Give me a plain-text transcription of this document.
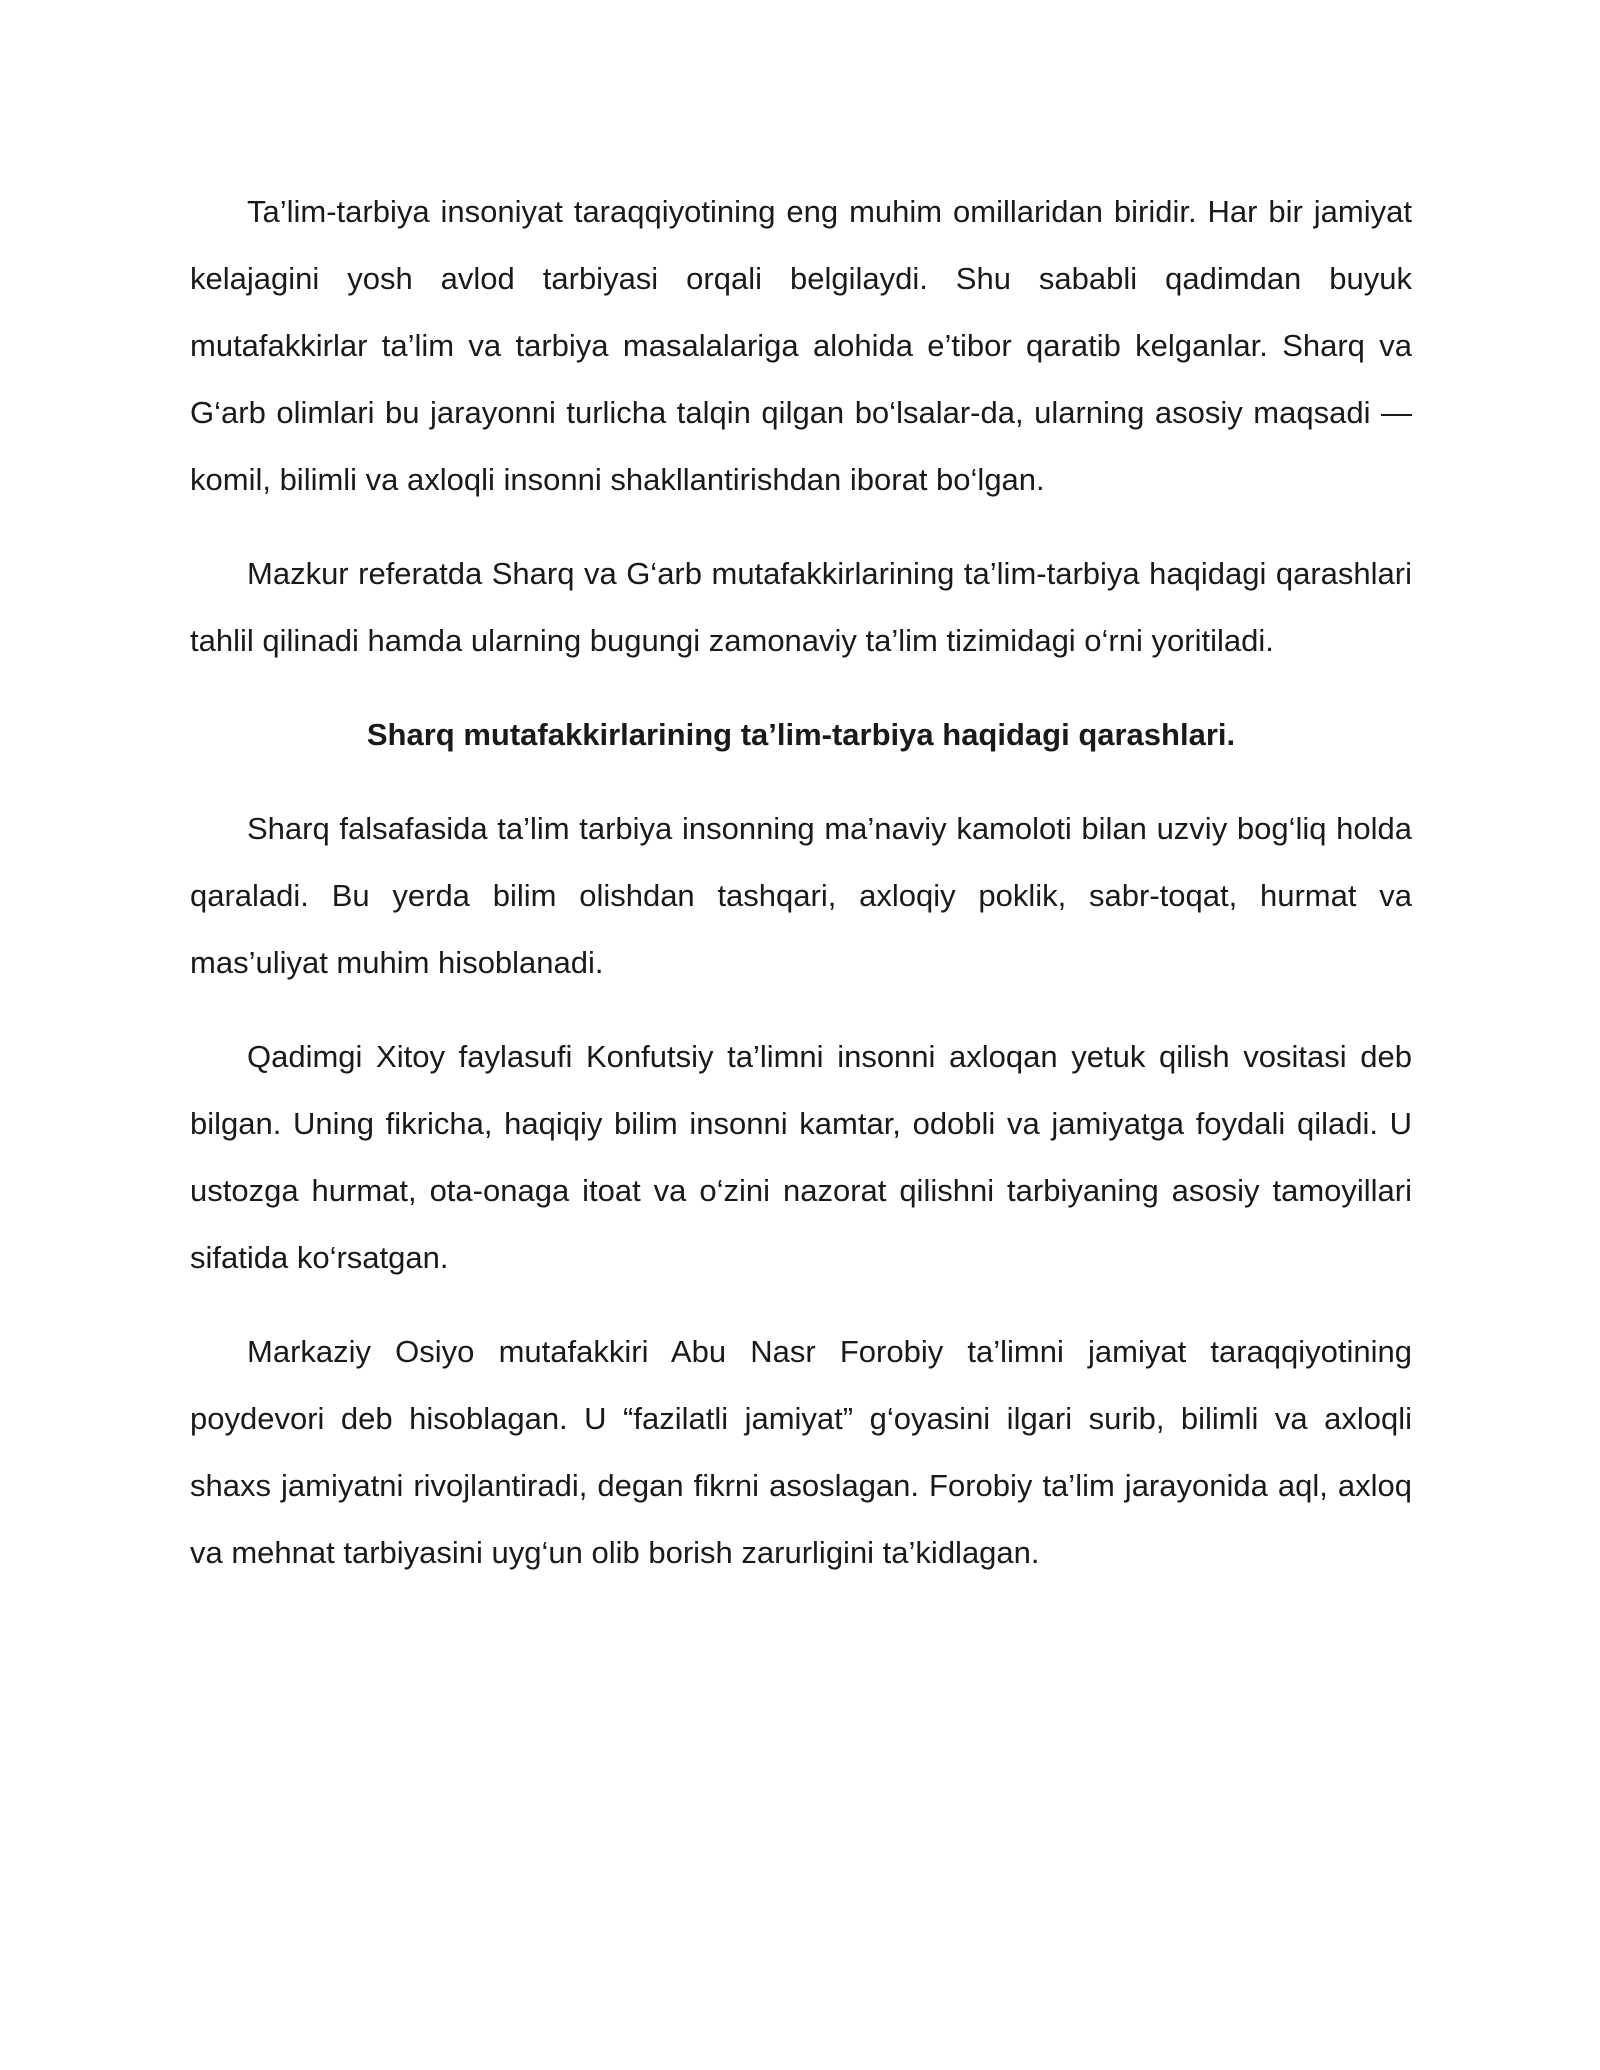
Ta’lim-tarbiya insoniyat taraqqiyotining eng muhim omillaridan biridir. Har bir jamiyat kelajagini yosh avlod tarbiyasi orqali belgilaydi. Shu sababli qadimdan buyuk mutafakkirlar ta’lim va tarbiya masalalariga alohida e’tibor qaratib kelganlar. Sharq va G‘arb olimlari bu jarayonni turlicha talqin qilgan bo‘lsalar-da, ularning asosiy maqsadi — komil, bilimli va axloqli insonni shakllantirishdan iborat bo‘lgan.

Mazkur referatda Sharq va G‘arb mutafakkirlarining ta’lim-tarbiya haqidagi qarashlari tahlil qilinadi hamda ularning bugungi zamonaviy ta’lim tizimidagi o‘rni yoritiladi.

Sharq mutafakkirlarining ta’lim-tarbiya haqidagi qarashlari.

Sharq falsafasida ta’lim tarbiya insonning ma’naviy kamoloti bilan uzviy bog‘liq holda qaraladi. Bu yerda bilim olishdan tashqari, axloqiy poklik, sabr-toqat, hurmat va mas’uliyat muhim hisoblanadi.

Qadimgi Xitoy faylasufi Konfutsiy ta’limni insonni axloqan yetuk qilish vositasi deb bilgan. Uning fikricha, haqiqiy bilim insonni kamtar, odobli va jamiyatga foydali qiladi. U ustozga hurmat, ota-onaga itoat va o‘zini nazorat qilishni tarbiyaning asosiy tamoyillari sifatida ko‘rsatgan.

Markaziy Osiyo mutafakkiri Abu Nasr Forobiy ta’limni jamiyat taraqqiyotining poydevori deb hisoblagan. U “fazilatli jamiyat” g‘oyasini ilgari surib, bilimli va axloqli shaxs jamiyatni rivojlantiradi, degan fikrni asoslagan. Forobiy ta’lim jarayonida aql, axloq va mehnat tarbiyasini uyg‘un olib borish zarurligini ta’kidlagan.
